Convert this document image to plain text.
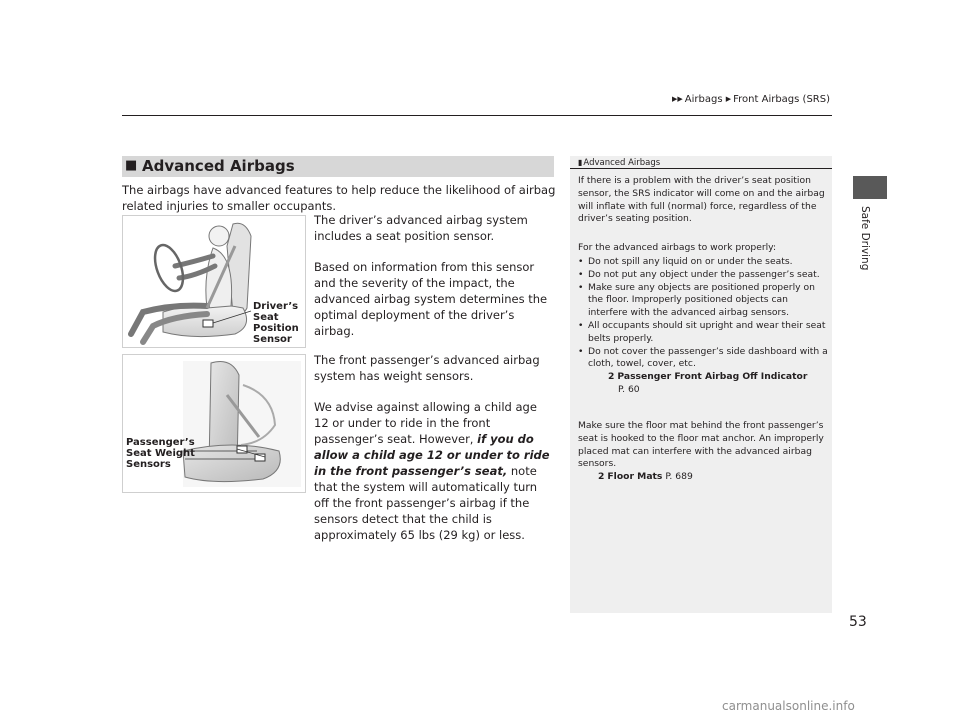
▶▶ Airbags ▶ Front Airbags (SRS)
Safe Driving
■ Advanced Airbags
The airbags have advanced features to help reduce the likelihood of airbag related injuries to smaller occupants.
The driver’s advanced airbag system includes a seat position sensor.
Based on information from this sensor and the severity of the impact, the advanced airbag system determines the optimal deployment of the driver’s airbag.
The front passenger’s advanced airbag system has weight sensors.
We advise against allowing a child age 12 or under to ride in the front passenger’s seat. However, if you do allow a child age 12 or under to ride in the front passenger’s seat, note that the system will automatically turn off the front passenger’s airbag if the sensors detect that the child is approximately 65 lbs (29 kg) or less.
Driver’s
Seat
Position
Sensor
Passenger’s
Seat Weight
Sensors
▮Advanced Airbags
If there is a problem with the driver’s seat position sensor, the SRS indicator will come on and the airbag will inflate with full (normal) force, regardless of the driver’s seating position.
For the advanced airbags to work properly:
• Do not spill any liquid on or under the seats.
• Do not put any object under the passenger’s seat.
• Make sure any objects are positioned properly on the floor. Improperly positioned objects can interfere with the advanced airbag sensors.
• All occupants should sit upright and wear their seat belts properly.
• Do not cover the passenger’s side dashboard with a cloth, towel, cover, etc.
2 Passenger Front Airbag Off Indicator
P. 60
Make sure the floor mat behind the front passenger’s seat is hooked to the floor mat anchor. An improperly placed mat can interfere with the advanced airbag sensors.
2 Floor Mats P. 689
53
carmanualsonline.info
